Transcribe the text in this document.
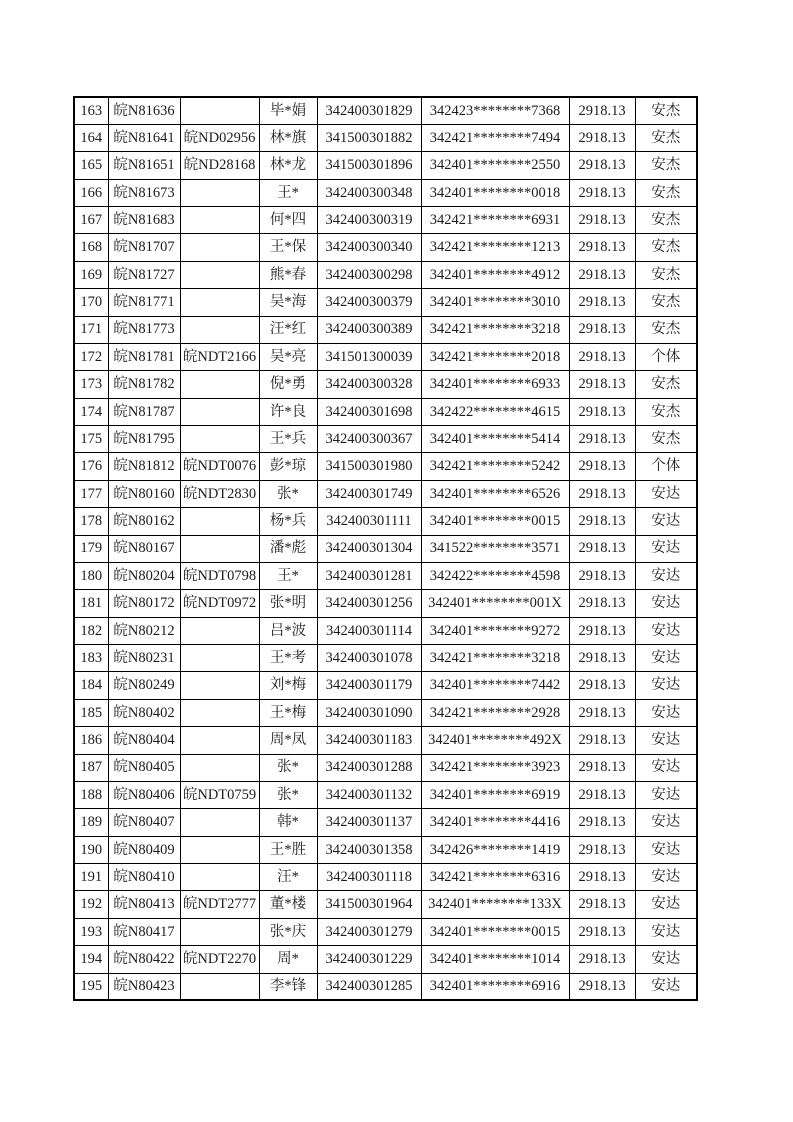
163	皖N81636		毕*娟	342400301829	342423********7368	2918.13	安杰
164	皖N81641	皖ND02956	林*旗	341500301882	342421********7494	2918.13	安杰
165	皖N81651	皖ND28168	林*龙	341500301896	342401********2550	2918.13	安杰
166	皖N81673		王*	342400300348	342401********0018	2918.13	安杰
167	皖N81683		何*四	342400300319	342421********6931	2918.13	安杰
168	皖N81707		王*保	342400300340	342421********1213	2918.13	安杰
169	皖N81727		熊*春	342400300298	342401********4912	2918.13	安杰
170	皖N81771		吴*海	342400300379	342401********3010	2918.13	安杰
171	皖N81773		汪*红	342400300389	342421********3218	2918.13	安杰
172	皖N81781	皖NDT2166	吴*亮	341501300039	342421********2018	2918.13	个体
173	皖N81782		倪*勇	342400300328	342401********6933	2918.13	安杰
174	皖N81787		许*良	342400301698	342422********4615	2918.13	安杰
175	皖N81795		王*兵	342400300367	342401********5414	2918.13	安杰
176	皖N81812	皖NDT0076	彭*琼	341500301980	342421********5242	2918.13	个体
177	皖N80160	皖NDT2830	张*	342400301749	342401********6526	2918.13	安达
178	皖N80162		杨*兵	342400301111	342401********0015	2918.13	安达
179	皖N80167		潘*彪	342400301304	341522********3571	2918.13	安达
180	皖N80204	皖NDT0798	王*	342400301281	342422********4598	2918.13	安达
181	皖N80172	皖NDT0972	张*明	342400301256	342401********001X	2918.13	安达
182	皖N80212		吕*波	342400301114	342401********9272	2918.13	安达
183	皖N80231		王*考	342400301078	342421********3218	2918.13	安达
184	皖N80249		刘*梅	342400301179	342401********7442	2918.13	安达
185	皖N80402		王*梅	342400301090	342421********2928	2918.13	安达
186	皖N80404		周*凤	342400301183	342401********492X	2918.13	安达
187	皖N80405		张*	342400301288	342421********3923	2918.13	安达
188	皖N80406	皖NDT0759	张*	342400301132	342401********6919	2918.13	安达
189	皖N80407		韩*	342400301137	342401********4416	2918.13	安达
190	皖N80409		王*胜	342400301358	342426********1419	2918.13	安达
191	皖N80410		汪*	342400301118	342421********6316	2918.13	安达
192	皖N80413	皖NDT2777	董*楼	341500301964	342401********133X	2918.13	安达
193	皖N80417		张*庆	342400301279	342401********0015	2918.13	安达
194	皖N80422	皖NDT2270	周*	342400301229	342401********1014	2918.13	安达
195	皖N80423		李*锋	342400301285	342401********6916	2918.13	安达
